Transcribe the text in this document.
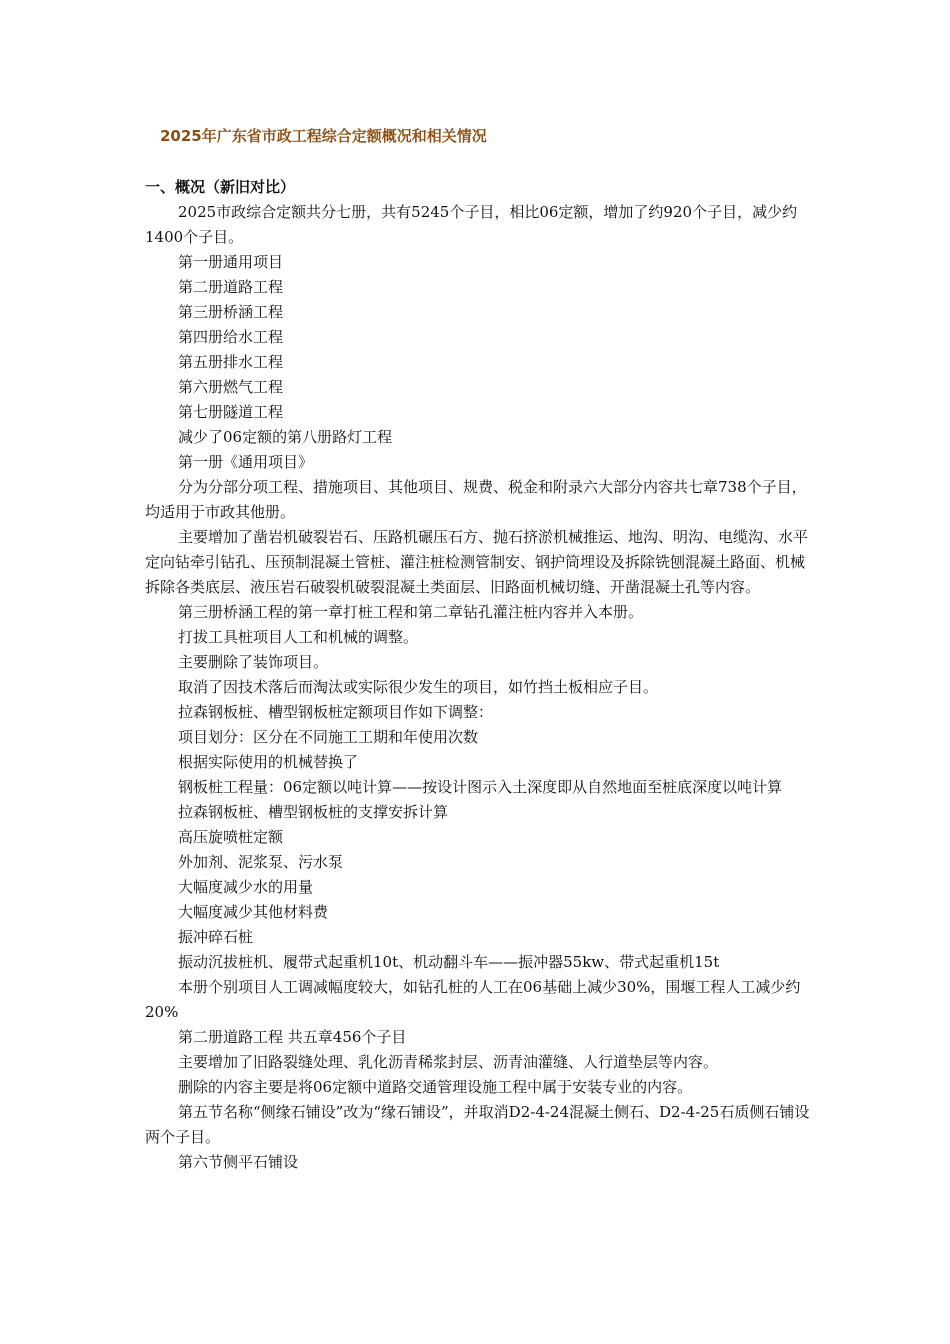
2025年广东省市政工程综合定额概况和相关情况
一、概况（新旧对比）

2025市政综合定额共分七册，共有5245个子目，相比06定额，增加了约920个子目，减少约1400个子目。

第一册通用项目

第二册道路工程

第三册桥涵工程

第四册给水工程

第五册排水工程

第六册燃气工程

第七册隧道工程

减少了06定额的第八册路灯工程

第一册《通用项目》

分为分部分项工程、措施项目、其他项目、规费、税金和附录六大部分内容共七章738个子目，均适用于市政其他册。

主要增加了凿岩机破裂岩石、压路机碾压石方、抛石挤淤机械推运、地沟、明沟、电缆沟、水平定向钻牵引钻孔、压预制混凝土管桩、灌注桩检测管制安、钢护筒埋设及拆除铣刨混凝土路面、机械拆除各类底层、液压岩石破裂机破裂混凝土类面层、旧路面机械切缝、开凿混凝土孔等内容。

第三册桥涵工程的第一章打桩工程和第二章钻孔灌注桩内容并入本册。

打拔工具桩项目人工和机械的调整。

主要删除了装饰项目。

取消了因技术落后而淘汰或实际很少发生的项目，如竹挡土板相应子目。

拉森钢板桩、槽型钢板桩定额项目作如下调整：

项目划分：区分在不同施工工期和年使用次数

根据实际使用的机械替换了

钢板桩工程量：06定额以吨计算——按设计图示入土深度即从自然地面至桩底深度以吨计算

拉森钢板桩、槽型钢板桩的支撑安拆计算

高压旋喷桩定额

外加剂、泥浆泵、污水泵

大幅度减少水的用量

大幅度减少其他材料费

振冲碎石桩

振动沉拔桩机、履带式起重机10t、机动翻斗车——振冲器55kw、带式起重机15t

本册个别项目人工调减幅度较大，如钻孔桩的人工在06基础上减少30%，围堰工程人工减少约20%

第二册道路工程 共五章456个子目

主要增加了旧路裂缝处理、乳化沥青稀浆封层、沥青油灌缝、人行道垫层等内容。

删除的内容主要是将06定额中道路交通管理设施工程中属于安装专业的内容。

第五节名称“侧缘石铺设”改为“缘石铺设”，并取消D2-4-24混凝土侧石、D2-4-25石质侧石铺设两个子目。

第六节侧平石铺设
